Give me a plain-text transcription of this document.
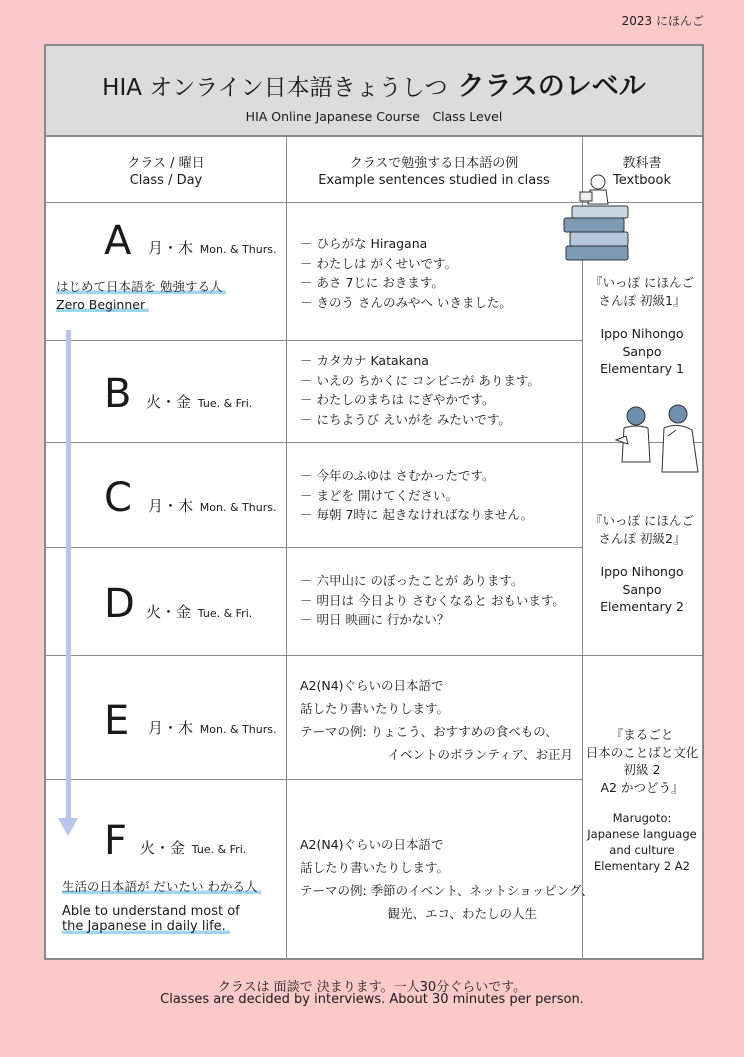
2023 にほんご
HIA オンライン日本語きょうしつ クラスのレベル
HIA Online Japanese Course　Class Level
クラス / 曜日
Class / Day
クラスで勉強する日本語の例
Example sentences studied in class
教科書
Textbook
A 月・木 Mon. & Thurs.
はじめて日本語を 勉強する人
Zero Beginner
－ ひらがな Hiragana
－ わたしは がくせいです。
－ あさ 7じに おきます。
－ きのう さんのみやへ いきました。
B 火・金 Tue. & Fri.
－ カタカナ Katakana
－ いえの ちかくに コンビニが あります。
－ わたしのまちは にぎやかです。
－ にちようび えいがを みたいです。
C 月・木 Mon. & Thurs.
－ 今年のふゆは さむかったです。
－ まどを 開けてください。
－ 毎朝 7時に 起きなければなりません。
D 火・金 Tue. & Fri.
－ 六甲山に のぼったことが あります。
－ 明日は 今日より さむくなると おもいます。
－ 明日 映画に 行かない？
E 月・木 Mon. & Thurs.
A2(N4)ぐらいの日本語で
話したり書いたりします。
テーマの例: りょこう、おすすめの食べもの、
　　　　　　　イベントのボランティア、お正月
F 火・金 Tue. & Fri.
生活の日本語が だいたい わかる人
Able to understand most of
the Japanese in daily life.
A2(N4)ぐらいの日本語で
話したり書いたりします。
テーマの例: 季節のイベント、ネットショッピング、
　　　　　　　観光、エコ、わたしの人生
『いっぽ にほんご
さんぽ 初級1』
Ippo Nihongo
Sanpo
Elementary 1
『いっぽ にほんご
さんぽ 初級2』
Ippo Nihongo
Sanpo
Elementary 2
『まるごと
日本のことばと文化
初級 2
A2 かつどう』
Marugoto:
Japanese language
and culture
Elementary 2 A2
クラスは 面談で 決まります。一人30分ぐらいです。
Classes are decided by interviews. About 30 minutes per person.
